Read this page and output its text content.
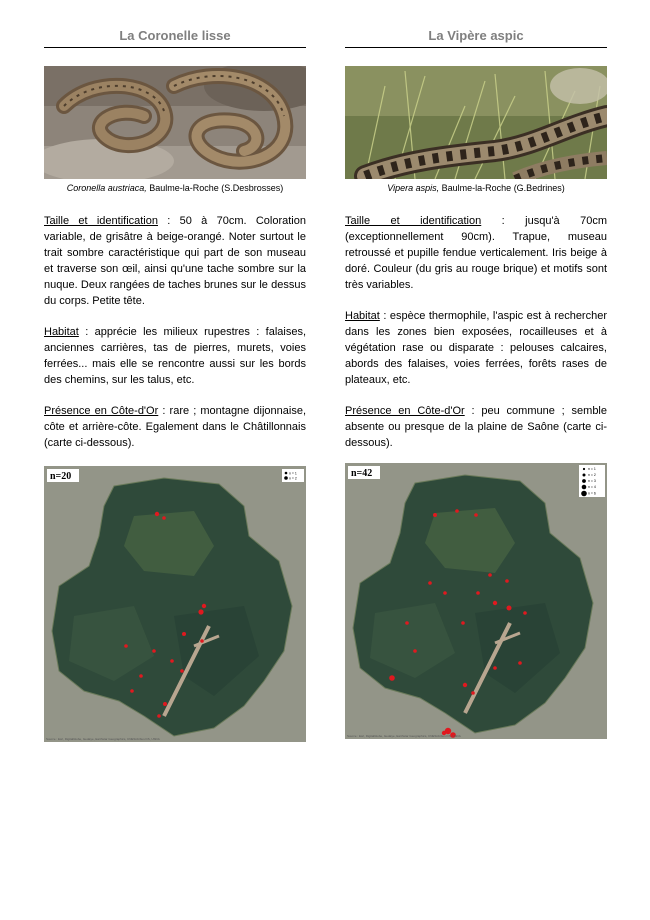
La Coronelle lisse
Coronella austriaca, Baulme-la-Roche (S.Desbrosses)

Taille et identification : 50 à 70cm. Coloration variable, de grisâtre à beige-orangé. Noter surtout le trait sombre caractéristique qui part de son museau et traverse son œil, ainsi qu'une tache sombre sur la nuque. Deux rangées de taches brunes sur le dessus du corps. Petite tête.

Habitat : apprécie les milieux rupestres : falaises, anciennes carrières, tas de pierres, murets, voies ferrées... mais elle se rencontre aussi sur les bords des chemins, sur les talus, etc.

Présence en Côte-d'Or : rare ; montagne dijonnaise, côte et arrière-côte. Egalement dans le Châtillonnais (carte ci-dessous).

n=20	n = 1
n = 2
Source : Esri, DigitalGlobe, GeoEye, Earthstar Geographics, CNES/Airbus DS, USDA
La Vipère aspic
Vipera aspis, Baulme-la-Roche (G.Bedrines)

Taille et identification : jusqu'à 70cm (exceptionnellement 90cm). Trapue, museau retroussé et pupille fendue verticalement. Iris beige à doré. Couleur (du gris au rouge brique) et motifs sont très variables.

Habitat : espèce thermophile, l'aspic est à rechercher dans les zones bien exposées, rocailleuses et à végétation rase ou disparate : pelouses calcaires, abords des falaises, voies ferrées, forêts rases de plateaux, etc.

Présence en Côte-d'Or : peu commune ; semble absente ou presque de la plaine de Saône (carte ci-dessous).

n=42	n = 1
n = 2
n = 3
n = 4
n = 6
Source : Esri, DigitalGlobe, GeoEye, Earthstar Geographics, CNES/Airbus DS, USDA
